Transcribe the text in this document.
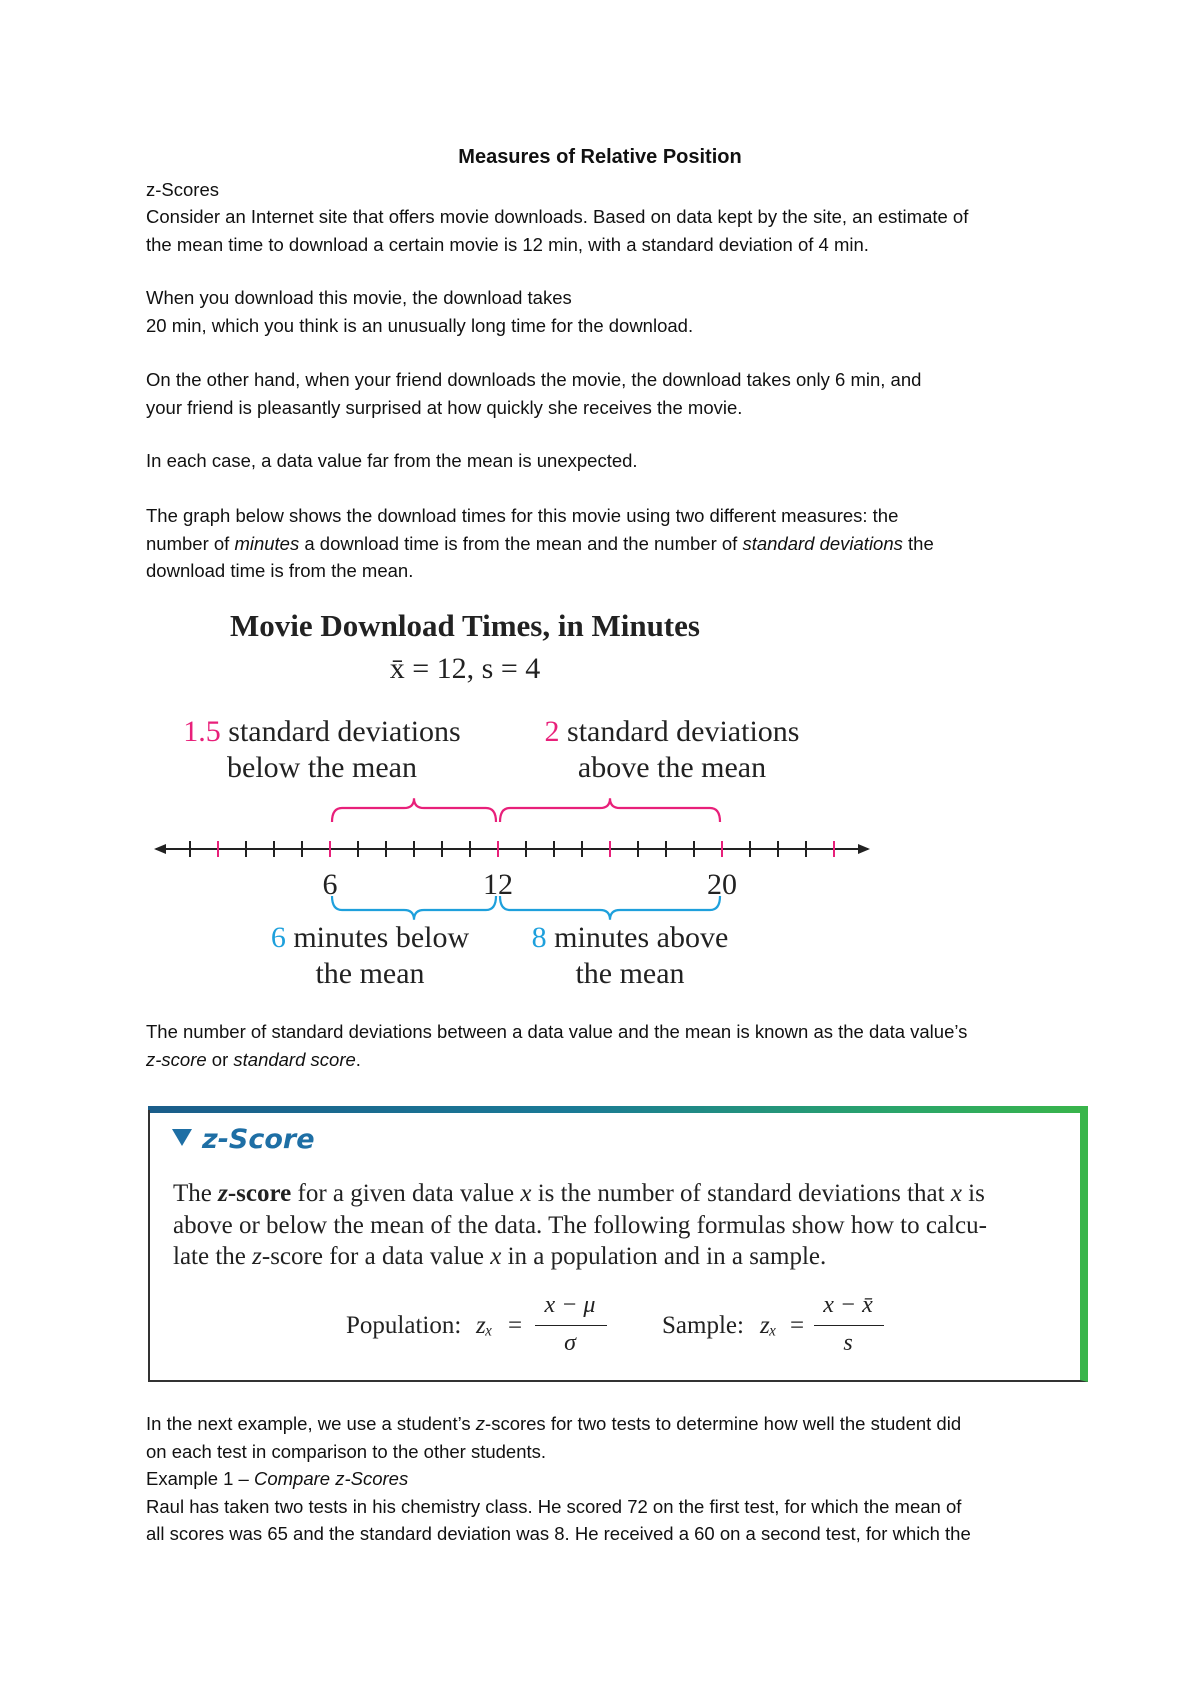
Measures of Relative Position

z-Scores

Consider an Internet site that offers movie downloads. Based on data kept by the site, an estimate of
the mean time to download a certain movie is 12 min, with a standard deviation of 4 min.

When you download this movie, the download takes
20 min, which you think is an unusually long time for the download.

On the other hand, when your friend downloads the movie, the download takes only 6 min, and
your friend is pleasantly surprised at how quickly she receives the movie.

In each case, a data value far from the mean is unexpected.

The graph below shows the download times for this movie using two different measures: the
number of minutes a download time is from the mean and the number of standard deviations the
download time is from the mean.

Movie Download Times, in Minutes
x̄ = 12, s = 4
1.5 standard deviations
below the mean
2 standard deviations
above the mean
6	12	20
6 minutes below
the mean
8 minutes above
the mean

The number of standard deviations between a data value and the mean is known as the data value’s
z-score or standard score.

z-Score
The z-score for a given data value x is the number of standard deviations that x is
above or below the mean of the data. The following formulas show how to calcu-
late the z-score for a data value x in a population and in a sample.
Population: zₓ =
x − μ
σ
Sample: zₓ =
x − x̄
s

In the next example, we use a student’s z-scores for two tests to determine how well the student did
on each test in comparison to the other students.
Example 1 – Compare z-Scores
Raul has taken two tests in his chemistry class. He scored 72 on the first test, for which the mean of
all scores was 65 and the standard deviation was 8. He received a 60 on a second test, for which the
